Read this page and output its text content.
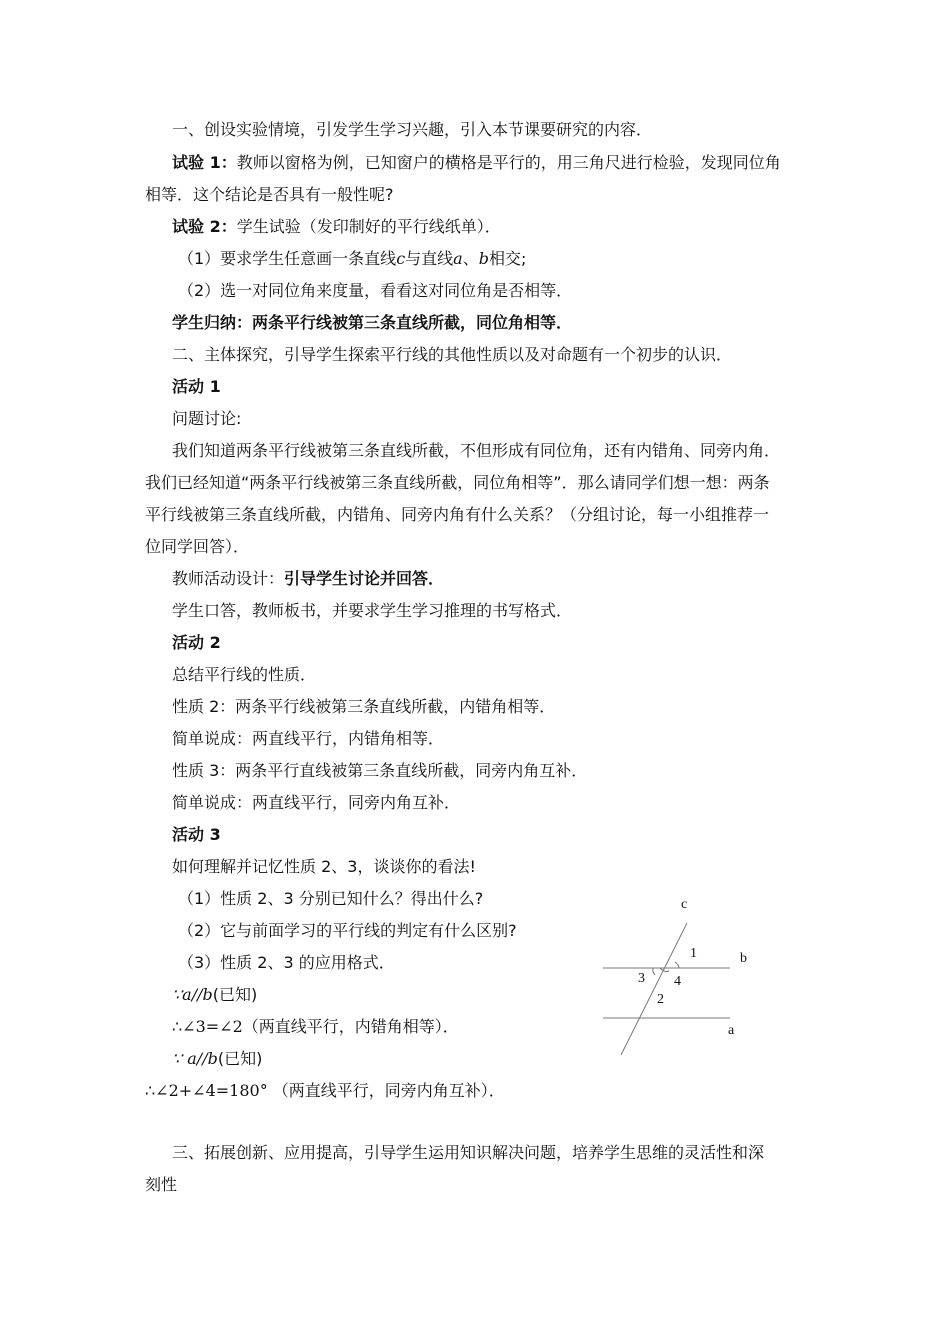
一、创设实验情境，引发学生学习兴趣，引入本节课要研究的内容．
试验 1：教师以窗格为例，已知窗户的横格是平行的，用三角尺进行检验，发现同位角
相等．这个结论是否具有一般性呢?
试验 2：学生试验（发印制好的平行线纸单）．
（1）要求学生任意画一条直线c与直线a、b相交;
（2）选一对同位角来度量，看看这对同位角是否相等．
学生归纳：两条平行线被第三条直线所截，同位角相等．
二、主体探究，引导学生探索平行线的其他性质以及对命题有一个初步的认识．
活动 1
问题讨论:
我们知道两条平行线被第三条直线所截，不但形成有同位角，还有内错角、同旁内角．
我们已经知道“两条平行线被第三条直线所截，同位角相等”．那么请同学们想一想：两条
平行线被第三条直线所截，内错角、同旁内角有什么关系？（分组讨论，每一小组推荐一
位同学回答）．
教师活动设计：引导学生讨论并回答．
学生口答，教师板书，并要求学生学习推理的书写格式．
活动 2
总结平行线的性质．
性质 2：两条平行线被第三条直线所截，内错角相等．
简单说成：两直线平行，内错角相等．
性质 3：两条平行直线被第三条直线所截，同旁内角互补．
简单说成：两直线平行，同旁内角互补．
活动 3
如何理解并记忆性质 2、3，谈谈你的看法!
（1）性质 2、3 分别已知什么？得出什么?
（2）它与前面学习的平行线的判定有什么区别?
（3）性质 2、3 的应用格式．
∵a//b(已知)
∴∠3=∠2（两直线平行，内错角相等）．
∵ a//b(已知)
∴∠2+∠4=180° （两直线平行，同旁内角互补）．
c
b
a
1
3 4
2
三、拓展创新、应用提高，引导学生运用知识解决问题，培养学生思维的灵活性和深
刻性
